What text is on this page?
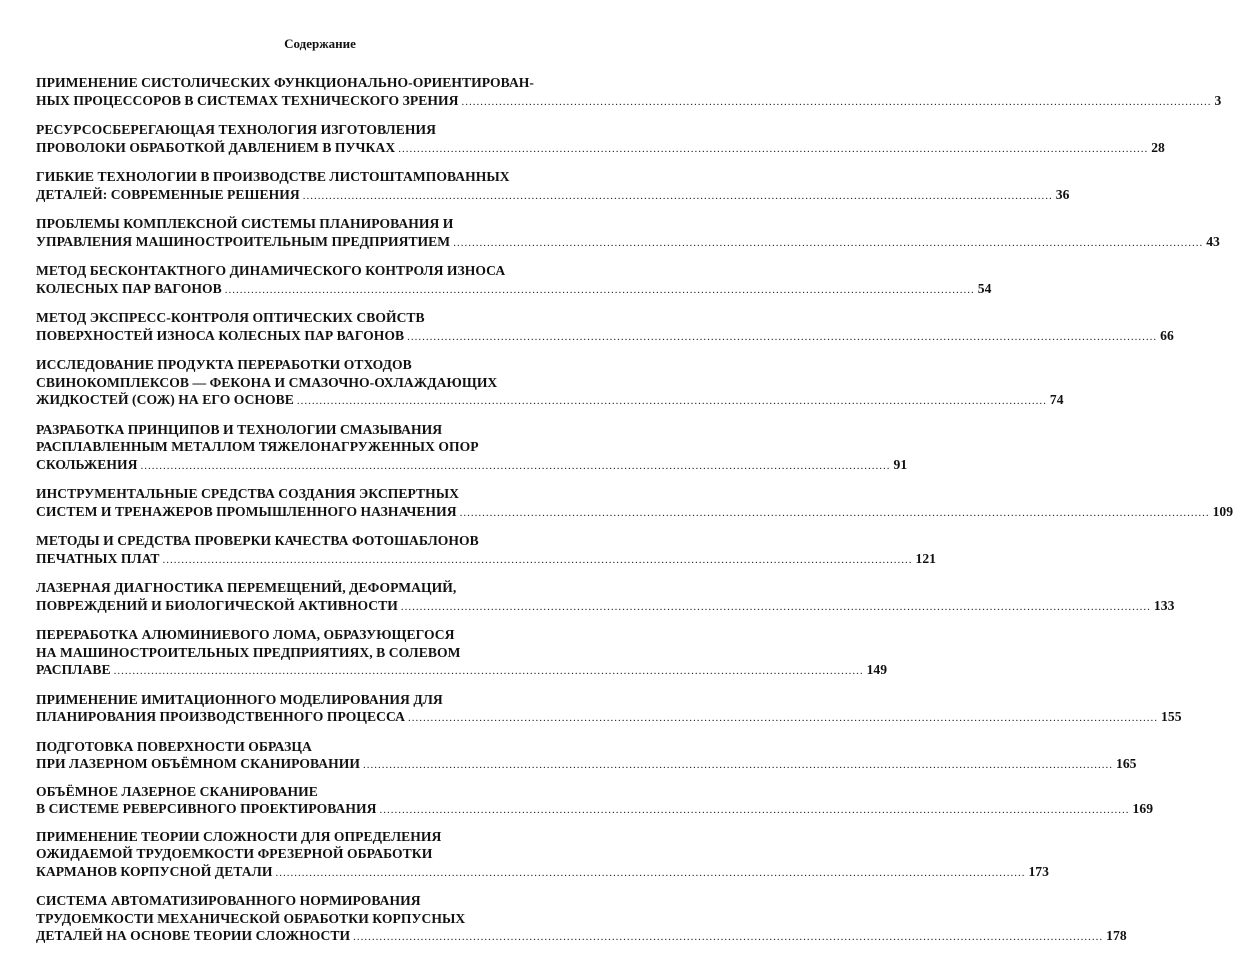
Содержание
ПРИМЕНЕНИЕ СИСТОЛИЧЕСКИХ ФУНКЦИОНАЛЬНО-ОРИЕНТИРОВАН-
НЫХ ПРОЦЕССОРОВ В СИСТЕМАХ ТЕХНИЧЕСКОГО ЗРЕНИЯ ........................................................................................................................................................................................................ 3
РЕСУРСОСБЕРЕГАЮЩАЯ ТЕХНОЛОГИЯ ИЗГОТОВЛЕНИЯ
ПРОВОЛОКИ ОБРАБОТКОЙ ДАВЛЕНИЕМ В ПУЧКАХ ........................................................................................................................................................................................................ 28
ГИБКИЕ ТЕХНОЛОГИИ В ПРОИЗВОДСТВЕ ЛИСТОШТАМПОВАННЫХ
ДЕТАЛЕЙ: СОВРЕМЕННЫЕ РЕШЕНИЯ ........................................................................................................................................................................................................ 36
ПРОБЛЕМЫ КОМПЛЕКСНОЙ СИСТЕМЫ ПЛАНИРОВАНИЯ И
УПРАВЛЕНИЯ МАШИНОСТРОИТЕЛЬНЫМ ПРЕДПРИЯТИЕМ ........................................................................................................................................................................................................ 43
МЕТОД БЕСКОНТАКТНОГО ДИНАМИЧЕСКОГО КОНТРОЛЯ ИЗНОСА
КОЛЕСНЫХ ПАР ВАГОНОВ ........................................................................................................................................................................................................ 54
МЕТОД ЭКСПРЕСС-КОНТРОЛЯ ОПТИЧЕСКИХ СВОЙСТВ
ПОВЕРХНОСТЕЙ ИЗНОСА КОЛЕСНЫХ ПАР ВАГОНОВ ........................................................................................................................................................................................................ 66
ИССЛЕДОВАНИЕ ПРОДУКТА ПЕРЕРАБОТКИ ОТХОДОВ
СВИНОКОМПЛЕКСОВ — ФЕКОНА И СМАЗОЧНО-ОХЛАЖДАЮЩИХ
ЖИДКОСТЕЙ (СОЖ) НА ЕГО ОСНОВЕ ........................................................................................................................................................................................................ 74
РАЗРАБОТКА ПРИНЦИПОВ И ТЕХНОЛОГИИ СМАЗЫВАНИЯ
РАСПЛАВЛЕННЫМ МЕТАЛЛОМ ТЯЖЕЛОНАГРУЖЕННЫХ ОПОР
СКОЛЬЖЕНИЯ ........................................................................................................................................................................................................ 91
ИНСТРУМЕНТАЛЬНЫЕ СРЕДСТВА СОЗДАНИЯ ЭКСПЕРТНЫХ
СИСТЕМ И ТРЕНАЖЕРОВ ПРОМЫШЛЕННОГО НАЗНАЧЕНИЯ ........................................................................................................................................................................................................ 109
МЕТОДЫ И СРЕДСТВА ПРОВЕРКИ КАЧЕСТВА ФОТОШАБЛОНОВ
ПЕЧАТНЫХ ПЛАТ ........................................................................................................................................................................................................ 121
ЛАЗЕРНАЯ ДИАГНОСТИКА ПЕРЕМЕЩЕНИЙ, ДЕФОРМАЦИЙ,
ПОВРЕЖДЕНИЙ И БИОЛОГИЧЕСКОЙ АКТИВНОСТИ ........................................................................................................................................................................................................ 133
ПЕРЕРАБОТКА АЛЮМИНИЕВОГО ЛОМА, ОБРАЗУЮЩЕГОСЯ
НА МАШИНОСТРОИТЕЛЬНЫХ ПРЕДПРИЯТИЯХ, В СОЛЕВОМ
РАСПЛАВЕ ........................................................................................................................................................................................................ 149
ПРИМЕНЕНИЕ ИМИТАЦИОННОГО МОДЕЛИРОВАНИЯ ДЛЯ
ПЛАНИРОВАНИЯ ПРОИЗВОДСТВЕННОГО ПРОЦЕССА ........................................................................................................................................................................................................ 155
ПОДГОТОВКА ПОВЕРХНОСТИ ОБРАЗЦА
ПРИ ЛАЗЕРНОМ ОБЪЁМНОМ СКАНИРОВАНИИ ........................................................................................................................................................................................................ 165
ОБЪЁМНОЕ ЛАЗЕРНОЕ СКАНИРОВАНИЕ
В СИСТЕМЕ РЕВЕРСИВНОГО ПРОЕКТИРОВАНИЯ ........................................................................................................................................................................................................ 169
ПРИМЕНЕНИЕ ТЕОРИИ СЛОЖНОСТИ ДЛЯ ОПРЕДЕЛЕНИЯ
ОЖИДАЕМОЙ ТРУДОЕМКОСТИ ФРЕЗЕРНОЙ ОБРАБОТКИ
КАРМАНОВ КОРПУСНОЙ ДЕТАЛИ ........................................................................................................................................................................................................ 173
СИСТЕМА АВТОМАТИЗИРОВАННОГО НОРМИРОВАНИЯ
ТРУДОЕМКОСТИ МЕХАНИЧЕСКОЙ ОБРАБОТКИ КОРПУСНЫХ
ДЕТАЛЕЙ НА ОСНОВЕ ТЕОРИИ СЛОЖНОСТИ ........................................................................................................................................................................................................ 178
